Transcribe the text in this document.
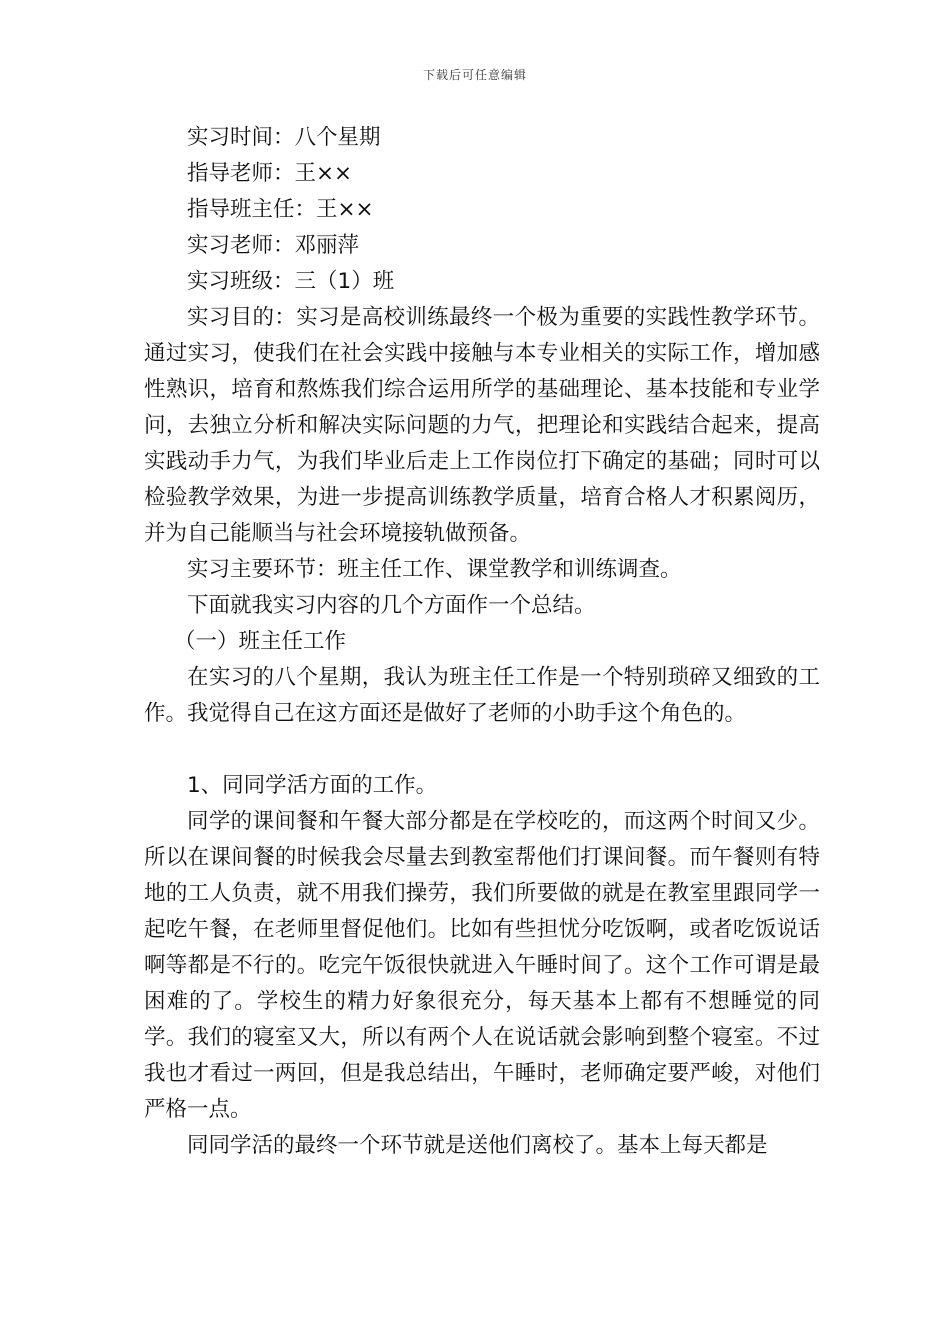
下载后可任意编辑
实习时间：八个星期
指导老师：王××
指导班主任：王××
实习老师：邓丽萍
实习班级：三（1）班

实习目的：实习是高校训练最终一个极为重要的实践性教学环节。通过实习，使我们在社会实践中接触与本专业相关的实际工作，增加感性熟识，培育和熬炼我们综合运用所学的基础理论、基本技能和专业学问，去独立分析和解决实际问题的力气，把理论和实践结合起来，提高实践动手力气，为我们毕业后走上工作岗位打下确定的基础；同时可以检验教学效果，为进一步提高训练教学质量，培育合格人才积累阅历，并为自己能顺当与社会环境接轨做预备。

实习主要环节：班主任工作、课堂教学和训练调查。

下面就我实习内容的几个方面作一个总结。

（一）班主任工作

在实习的八个星期，我认为班主任工作是一个特别琐碎又细致的工作。我觉得自己在这方面还是做好了老师的小助手这个角色的。

1、同同学活方面的工作。

同学的课间餐和午餐大部分都是在学校吃的，而这两个时间又少。所以在课间餐的时候我会尽量去到教室帮他们打课间餐。而午餐则有特地的工人负责，就不用我们操劳，我们所要做的就是在教室里跟同学一起吃午餐，在老师里督促他们。比如有些担忧分吃饭啊，或者吃饭说话啊等都是不行的。吃完午饭很快就进入午睡时间了。这个工作可谓是最困难的了。学校生的精力好象很充分，每天基本上都有不想睡觉的同学。我们的寝室又大，所以有两个人在说话就会影响到整个寝室。不过我也才看过一两回，但是我总结出，午睡时，老师确定要严峻，对他们严格一点。

同同学活的最终一个环节就是送他们离校了。基本上每天都是
